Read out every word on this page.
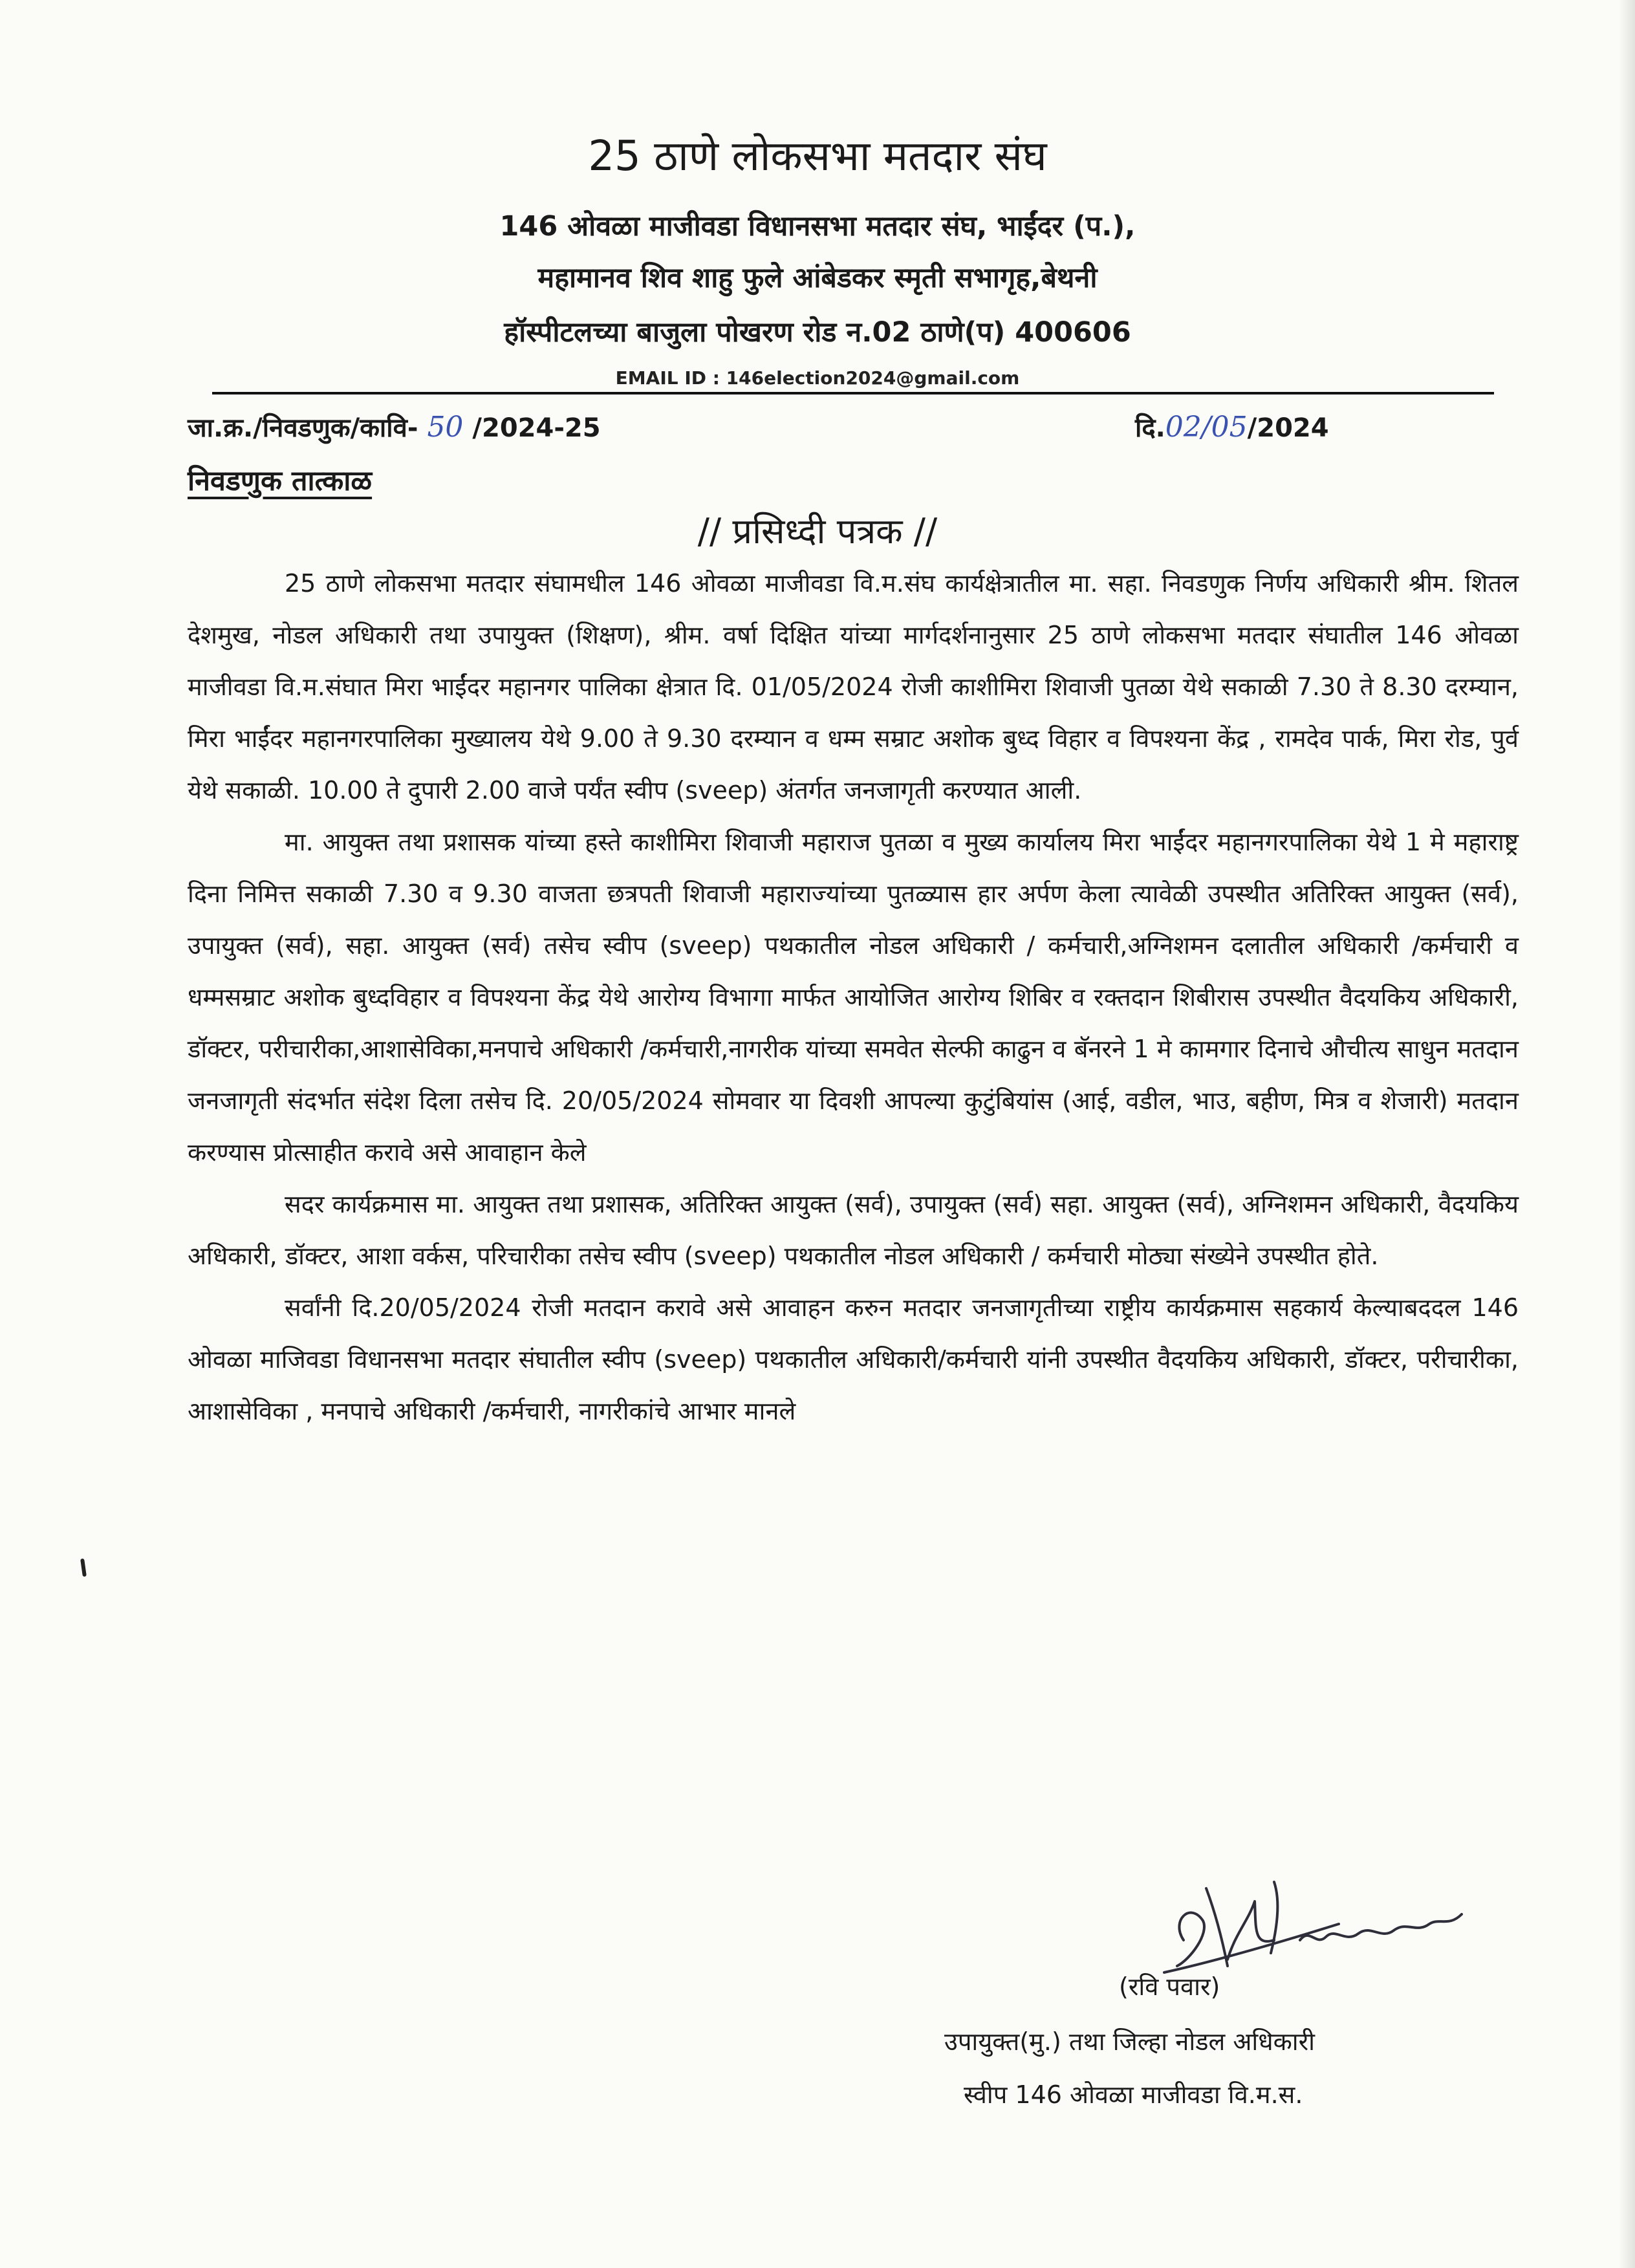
25 ठाणे लोकसभा मतदार संघ
146 ओवळा माजीवडा विधानसभा मतदार संघ, भाईंदर (प.),
महामानव शिव शाहु फुले आंबेडकर स्मृती सभागृह,बेथनी
हॉस्पीटलच्या बाजुला पोखरण रोड न.02 ठाणे(प) 400606
EMAIL ID : 146election2024@gmail.com
जा.क्र./निवडणुक/कावि- 50 /2024-25	दि.02/05/2024
निवडणुक तात्काळ
// प्रसिध्दी पत्रक //

25 ठाणे लोकसभा मतदार संघामधील 146 ओवळा माजीवडा वि.म.संघ कार्यक्षेत्रातील मा. सहा. निवडणुक निर्णय अधिकारी श्रीम. शितल देशमुख, नोडल अधिकारी तथा उपायुक्त (शिक्षण), श्रीम. वर्षा दिक्षित यांच्या मार्गदर्शनानुसार 25 ठाणे लोकसभा मतदार संघातील 146 ओवळा माजीवडा वि.म.संघात मिरा भाईंदर महानगर पालिका क्षेत्रात दि. 01/05/2024 रोजी काशीमिरा शिवाजी पुतळा येथे सकाळी 7.30 ते 8.30 दरम्यान, मिरा भाईंदर महानगरपालिका मुख्यालय येथे 9.00 ते 9.30 दरम्यान व धम्म सम्राट अशोक बुध्द विहार व विपश्यना केंद्र , रामदेव पार्क, मिरा रोड, पुर्व येथे सकाळी. 10.00 ते दुपारी 2.00 वाजे पर्यंत स्वीप (sveep) अंतर्गत जनजागृती करण्यात आली.

मा. आयुक्त तथा प्रशासक यांच्या हस्ते काशीमिरा शिवाजी महाराज पुतळा व मुख्य कार्यालय मिरा भाईंदर महानगरपालिका येथे 1 मे महाराष्ट्र दिना निमित्त सकाळी 7.30 व 9.30 वाजता छत्रपती शिवाजी महाराज्यांच्या पुतळ्यास हार अर्पण केला त्यावेळी उपस्थीत अतिरिक्त आयुक्त (सर्व), उपायुक्त (सर्व), सहा. आयुक्त (सर्व) तसेच स्वीप (sveep) पथकातील नोडल अधिकारी / कर्मचारी,अग्निशमन दलातील अधिकारी /कर्मचारी व धम्मसम्राट अशोक बुध्दविहार व विपश्यना केंद्र येथे आरोग्य विभागा मार्फत आयोजित आरोग्य शिबिर व रक्तदान शिबीरास उपस्थीत वैदयकिय अधिकारी, डॉक्टर, परीचारीका,आशासेविका,मनपाचे अधिकारी /कर्मचारी,नागरीक यांच्या समवेत सेल्फी काढुन व बॅनरने 1 मे कामगार दिनाचे औचीत्य साधुन मतदान जनजागृती संदर्भात संदेश दिला तसेच दि. 20/05/2024 सोमवार या दिवशी आपल्या कुटुंबियांस (आई, वडील, भाउ, बहीण, मित्र व शेजारी) मतदान करण्यास प्रोत्साहीत करावे असे आवाहान केले

सदर कार्यक्रमास मा. आयुक्त तथा प्रशासक, अतिरिक्त आयुक्त (सर्व), उपायुक्त (सर्व) सहा. आयुक्त (सर्व), अग्निशमन अधिकारी, वैदयकिय अधिकारी, डॉक्टर, आशा वर्कस, परिचारीका तसेच स्वीप (sveep) पथकातील नोडल अधिकारी / कर्मचारी मोठ्या संख्येने उपस्थीत होते.

सर्वांनी दि.20/05/2024 रोजी मतदान करावे असे आवाहन करुन मतदार जनजागृतीच्या राष्ट्रीय कार्यक्रमास सहकार्य केल्याबददल 146 ओवळा माजिवडा विधानसभा मतदार संघातील स्वीप (sveep) पथकातील अधिकारी/कर्मचारी यांनी उपस्थीत वैदयकिय अधिकारी, डॉक्टर, परीचारीका, आशासेविका , मनपाचे अधिकारी /कर्मचारी, नागरीकांचे आभार मानले

(रवि पवार)
उपायुक्त(मु.) तथा जिल्हा नोडल अधिकारी
स्वीप 146 ओवळा माजीवडा वि.म.स.
